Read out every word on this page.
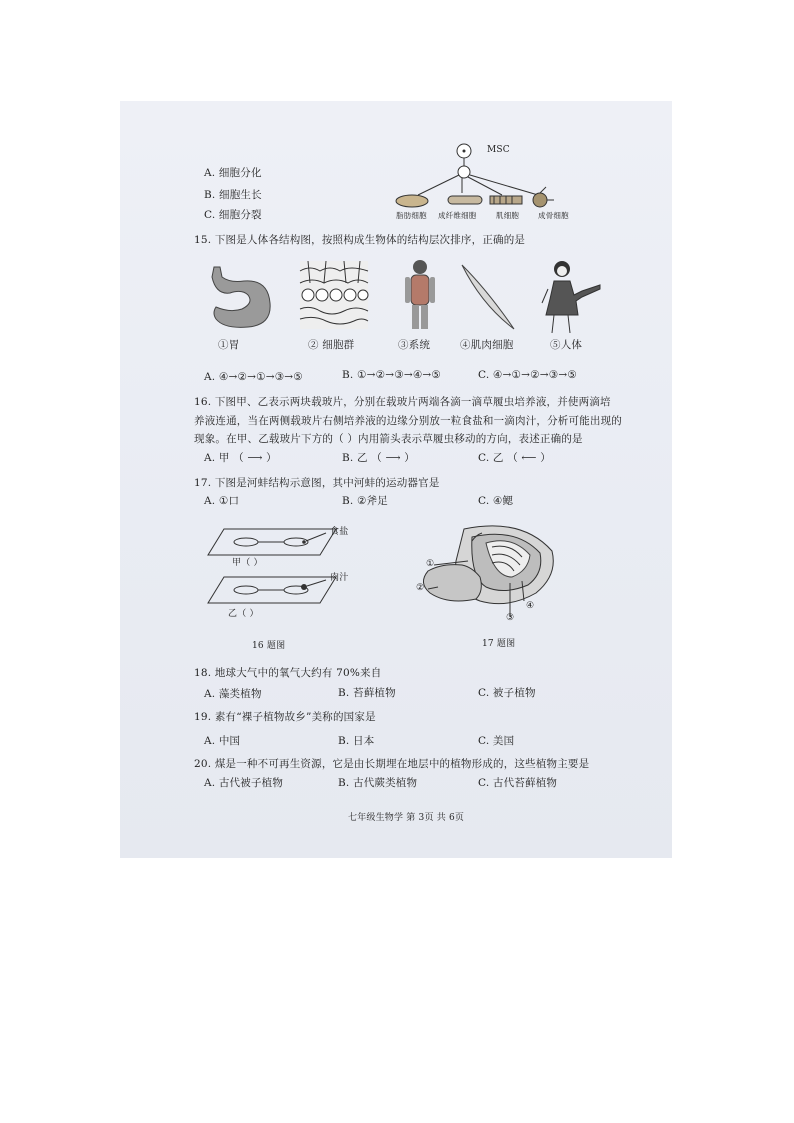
A. 细胞分化
B. 细胞生长
C. 细胞分裂
MSC
脂肪细胞 成纤维细胞	肌细胞	成骨细胞
15. 下图是人体各结构图，按照构成生物体的结构层次排序，正确的是
①胃	② 细胞群	③系统	④肌肉细胞	⑤人体
A. ④→②→①→③→⑤	B. ①→②→③→④→⑤	C. ④→①→②→③→⑤
16. 下图甲、乙表示两块载玻片，分别在载玻片两端各滴一滴草履虫培养液，并使两滴培
养液连通，当在两侧载玻片右侧培养液的边缘分别放一粒食盐和一滴肉汁，分析可能出现的
现象。在甲、乙载玻片下方的（ ）内用箭头表示草履虫移动的方向，表述正确的是
A. 甲 （ ⟶ ）	B. 乙 （ ⟶ ）	C. 乙 （ ⟵ ）
17. 下图是河蚌结构示意图，其中河蚌的运动器官是
A. ①口	B. ②斧足	C. ④鳃
食盐
甲（ ）
肉汁
乙（ ）
①
②
③
④
16 题图	17 题图
18. 地球大气中的氧气大约有 70%来自
A. 藻类植物	B. 苔藓植物	C. 被子植物
19. 素有“裸子植物故乡”美称的国家是
A. 中国	B. 日本	C. 美国
20. 煤是一种不可再生资源，它是由长期埋在地层中的植物形成的，这些植物主要是
A. 古代被子植物	B. 古代蕨类植物	C. 古代苔藓植物
七年级生物学 第 3页 共 6页
